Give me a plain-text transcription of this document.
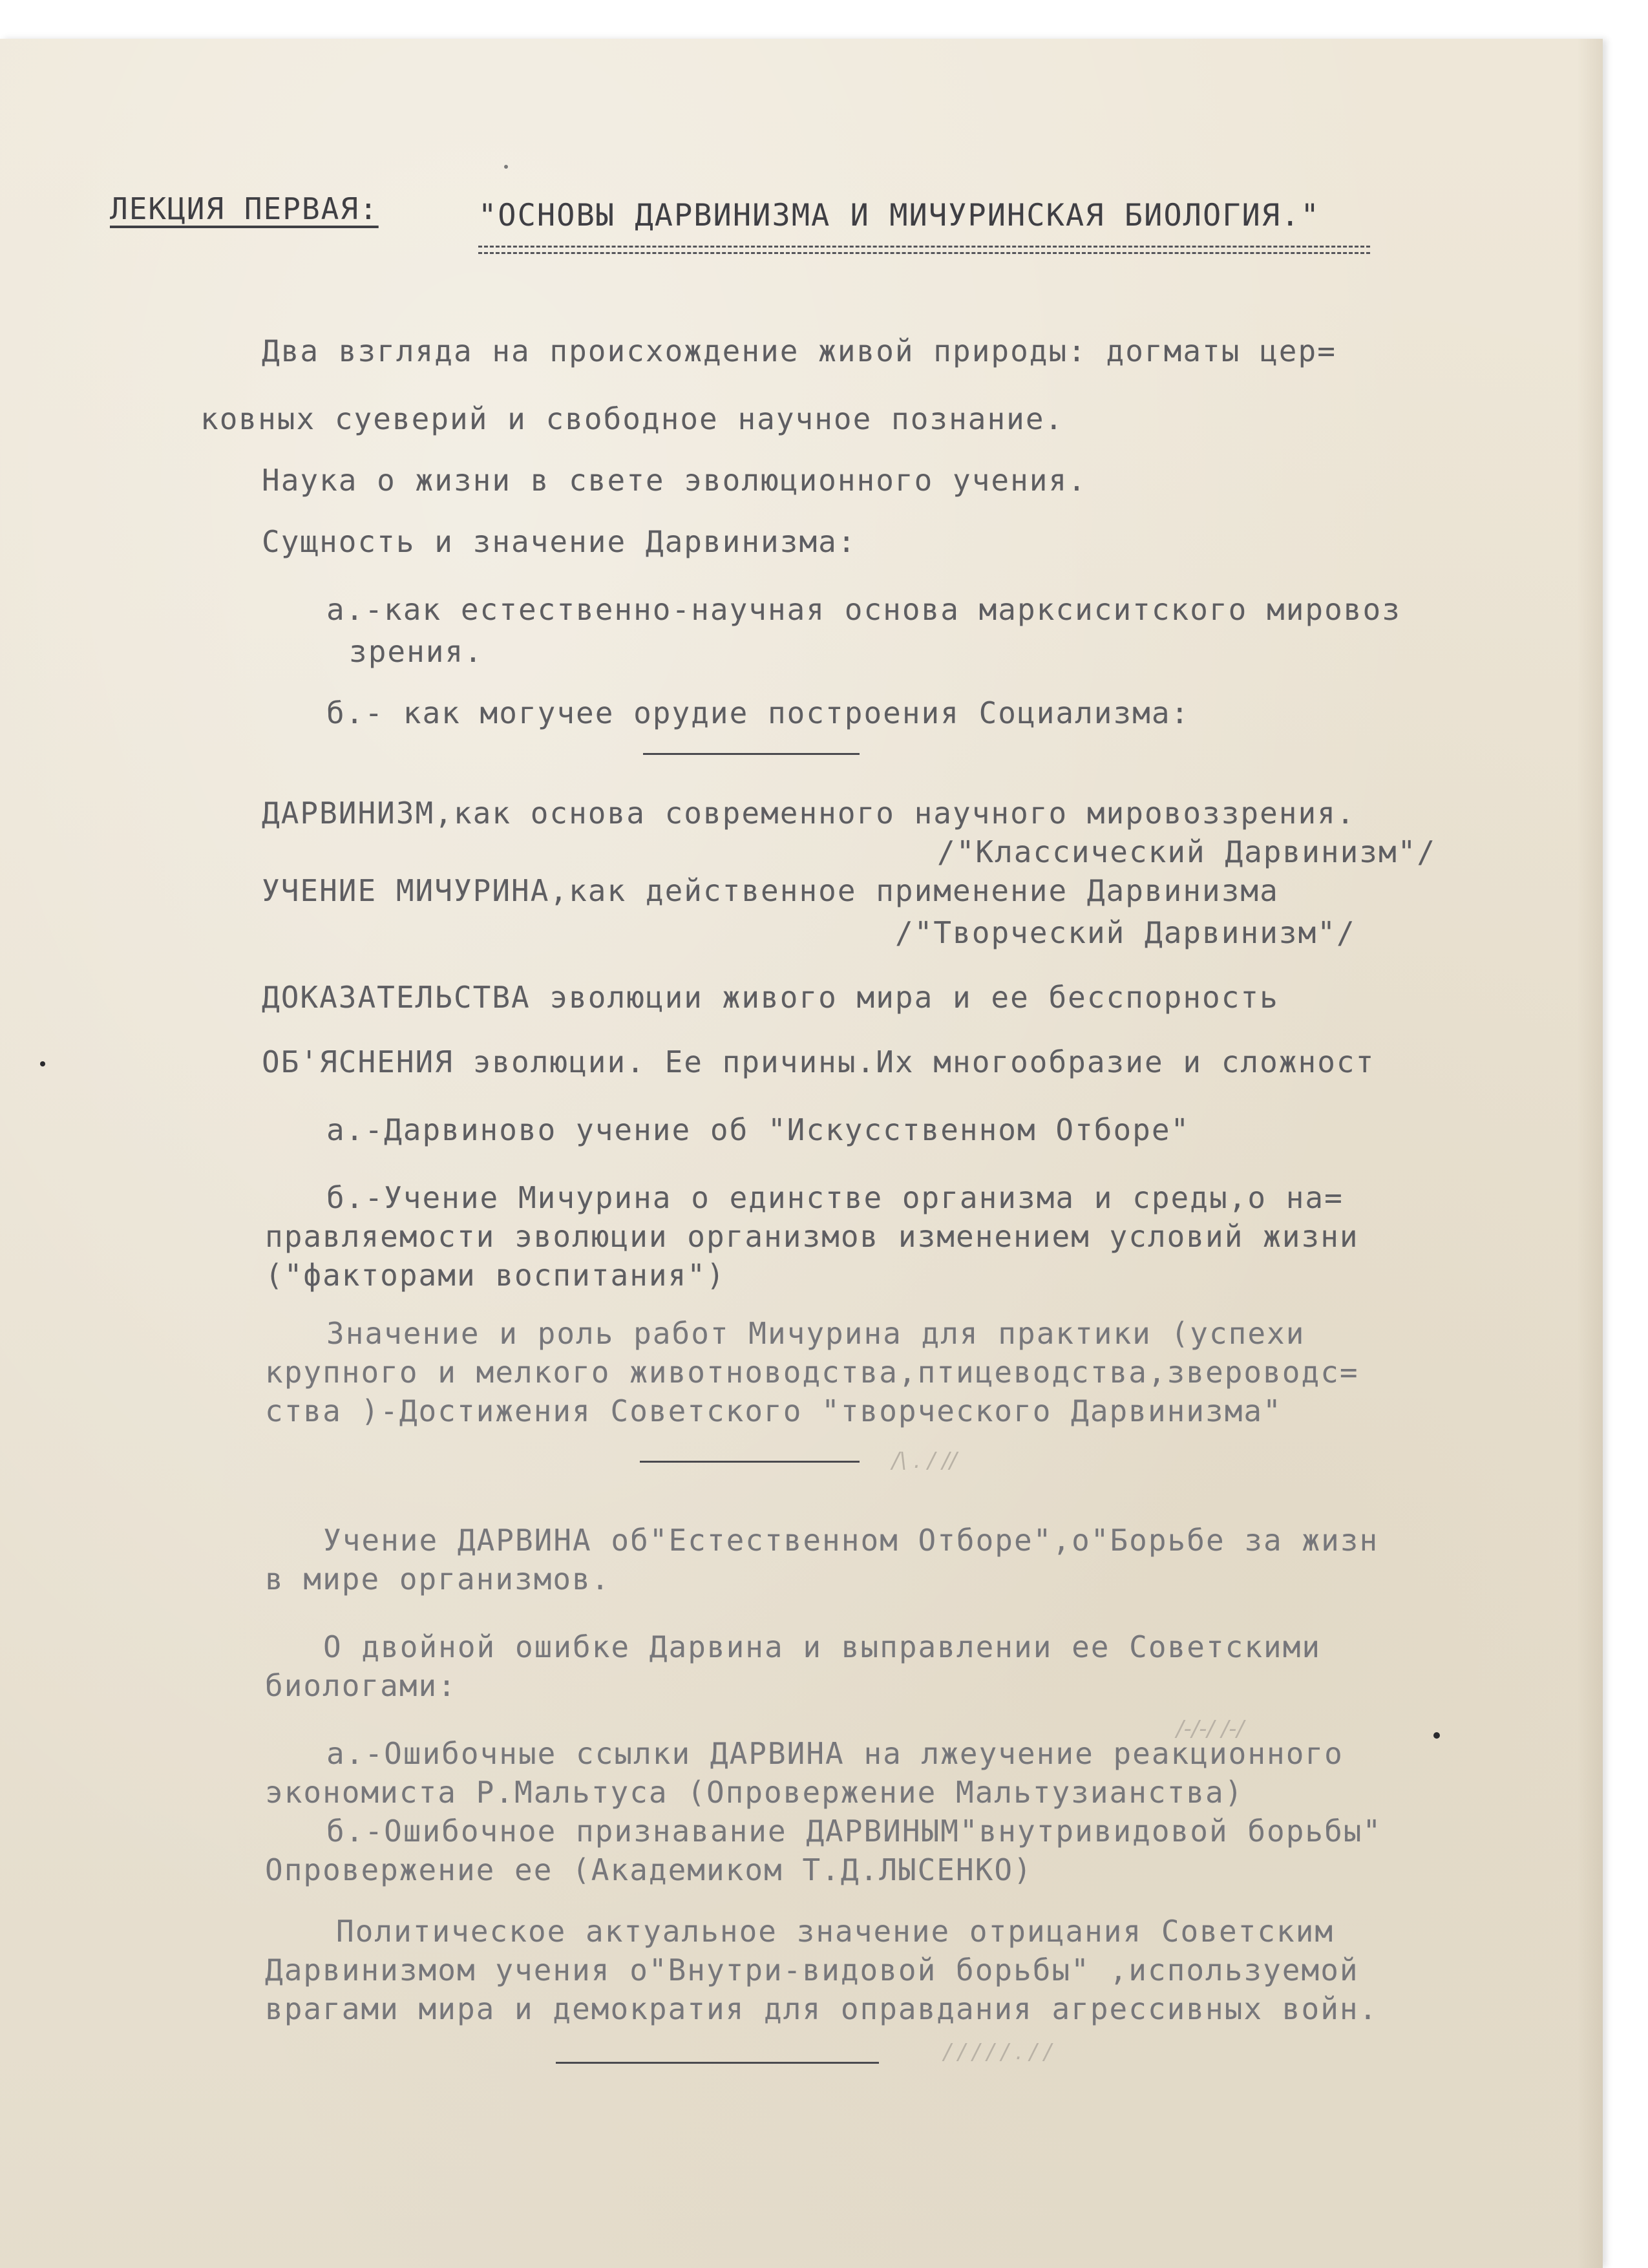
ЛЕКЦИЯ ПЕРВАЯ:	"ОСНОВЫ ДАРВИНИЗМА И МИЧУРИНСКАЯ БИОЛОГИЯ."
Два взгляда на происхождение живой природы: догматы цер=
ковных суеверий и свободное научное познание.
Наука о жизни в свете эволюционного учения.
Сущность и значение Дарвинизма:
а.-как естественно-научная основа марксиситского мировоз
зрения.
б.- как могучее орудие построения Социализма:
ДАРВИНИЗМ,как основа современного научного мировоззрения.
/"Классический Дарвинизм"/
УЧЕНИЕ МИЧУРИНА,как действенное применение Дарвинизма
/"Творческий Дарвинизм"/
ДОКАЗАТЕЛЬСТВА эволюции живого мира и ее бесспорность
ОБ'ЯСНЕНИЯ эволюции. Ее причины.Их многообразие и сложност
а.-Дарвиново учение об "Искусственном Отборе"
б.-Учение Мичурина о единстве организма и среды,о на=
правляемости эволюции организмов изменением условий жизни
("факторами воспитания")
Значение и роль работ Мичурина для практики (успехи
крупного и мелкого животноводства,птицеводства,звероводс=
ства )-Достижения Советского "творческого Дарвинизма"
/\ . / //
Учение ДАРВИНА об"Естественном Отборе",о"Борьбе за жизн
в мире организмов.
О двойной ошибке Дарвина и выправлении ее Советскими
биологами:
/-/-/ /-/
а.-Ошибочные ссылки ДАРВИНА на лжеучение реакционного
экономиста Р.Мальтуса (Опровержение Мальтузианства)
б.-Ошибочное признавание ДАРВИНЫМ"внутривидовой борьбы"
Опровержение ее (Академиком Т.Д.ЛЫСЕНКО)
Политическое актуальное значение отрицания Советским
Дарвинизмом учения о"Внутри-видовой борьбы" ,используемой
врагами мира и демократия для оправдания агрессивных войн.
/ / / / / . / /
